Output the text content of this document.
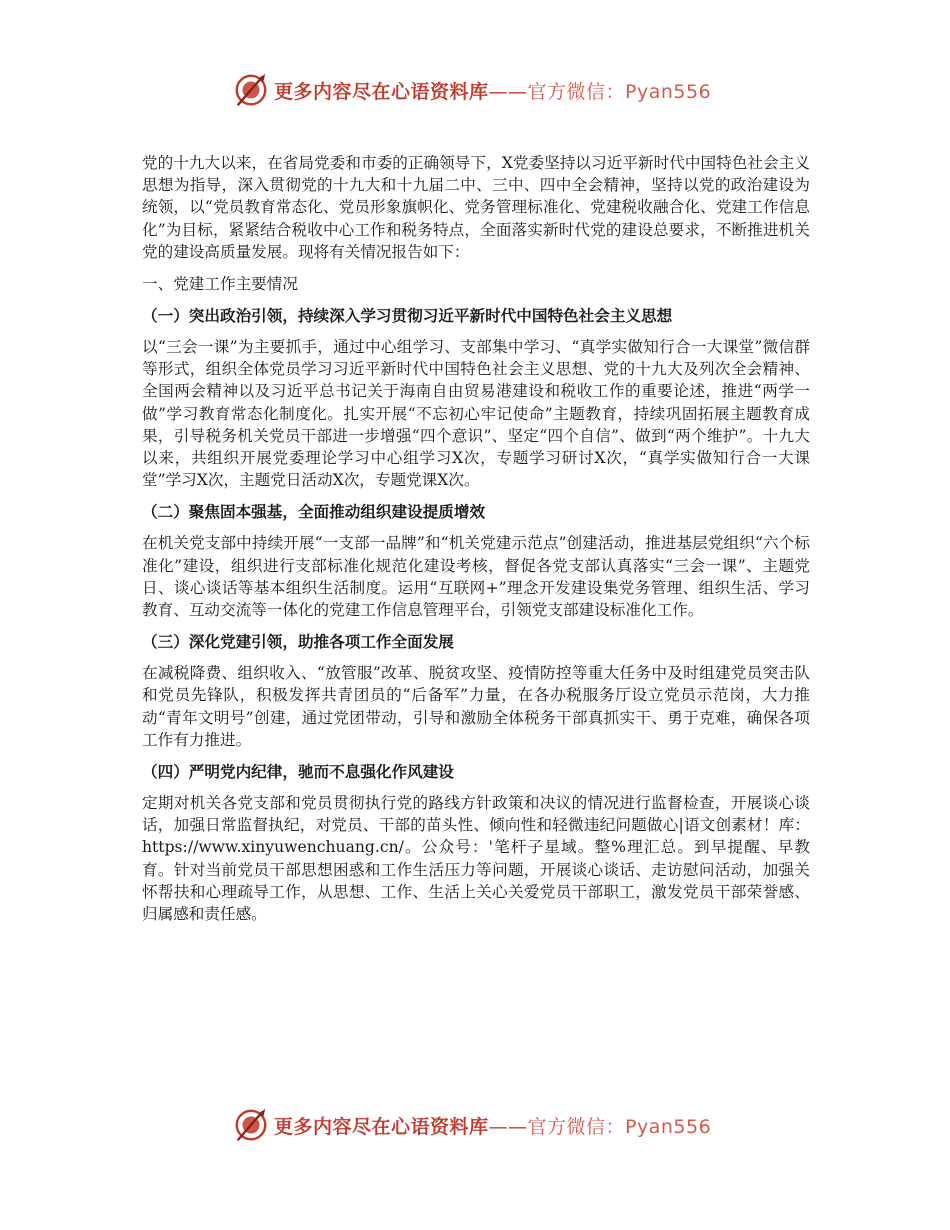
更多内容尽在心语资料库——官方微信：Pyan556

党的十九大以来，在省局党委和市委的正确领导下，X党委坚持以习近平新时代中国特色社会主义思想为指导，深入贯彻党的十九大和十九届二中、三中、四中全会精神，坚持以党的政治建设为统领，以“党员教育常态化、党员形象旗帜化、党务管理标准化、党建税收融合化、党建工作信息化”为目标，紧紧结合税收中心工作和税务特点，全面落实新时代党的建设总要求，不断推进机关党的建设高质量发展。现将有关情况报告如下：

一、党建工作主要情况

（一）突出政治引领，持续深入学习贯彻习近平新时代中国特色社会主义思想

以“三会一课”为主要抓手，通过中心组学习、支部集中学习、“真学实做知行合一大课堂”微信群等形式，组织全体党员学习习近平新时代中国特色社会主义思想、党的十九大及列次全会精神、全国两会精神以及习近平总书记关于海南自由贸易港建设和税收工作的重要论述，推进“两学一做”学习教育常态化制度化。扎实开展“不忘初心牢记使命”主题教育，持续巩固拓展主题教育成果，引导税务机关党员干部进一步增强“四个意识”、坚定“四个自信”、做到“两个维护”。十九大以来，共组织开展党委理论学习中心组学习X次，专题学习研讨X次，“真学实做知行合一大课堂”学习X次，主题党日活动X次，专题党课X次。

（二）聚焦固本强基，全面推动组织建设提质增效

在机关党支部中持续开展“一支部一品牌”和“机关党建示范点”创建活动，推进基层党组织“六个标准化”建设，组织进行支部标准化规范化建设考核，督促各党支部认真落实“三会一课”、主题党日、谈心谈话等基本组织生活制度。运用“互联网+”理念开发建设集党务管理、组织生活、学习教育、互动交流等一体化的党建工作信息管理平台，引领党支部建设标准化工作。

（三）深化党建引领，助推各项工作全面发展

在减税降费、组织收入、“放管服”改革、脱贫攻坚、疫情防控等重大任务中及时组建党员突击队和党员先锋队，积极发挥共青团员的“后备军”力量，在各办税服务厅设立党员示范岗，大力推动“青年文明号”创建，通过党团带动，引导和激励全体税务干部真抓实干、勇于克难，确保各项工作有力推进。

（四）严明党内纪律，驰而不息强化作风建设

定期对机关各党支部和党员贯彻执行党的路线方针政策和决议的情况进行监督检查，开展谈心谈话，加强日常监督执纪，对党员、干部的苗头性、倾向性和轻微违纪问题做心|语文创素材！库：https://www.xinyuwenchuang.cn/。公众号：'笔杆子星域。整%理汇总。到早提醒、早教育。针对当前党员干部思想困惑和工作生活压力等问题，开展谈心谈话、走访慰问活动，加强关怀帮扶和心理疏导工作，从思想、工作、生活上关心关爱党员干部职工，激发党员干部荣誉感、归属感和责任感。

更多内容尽在心语资料库——官方微信：Pyan556
